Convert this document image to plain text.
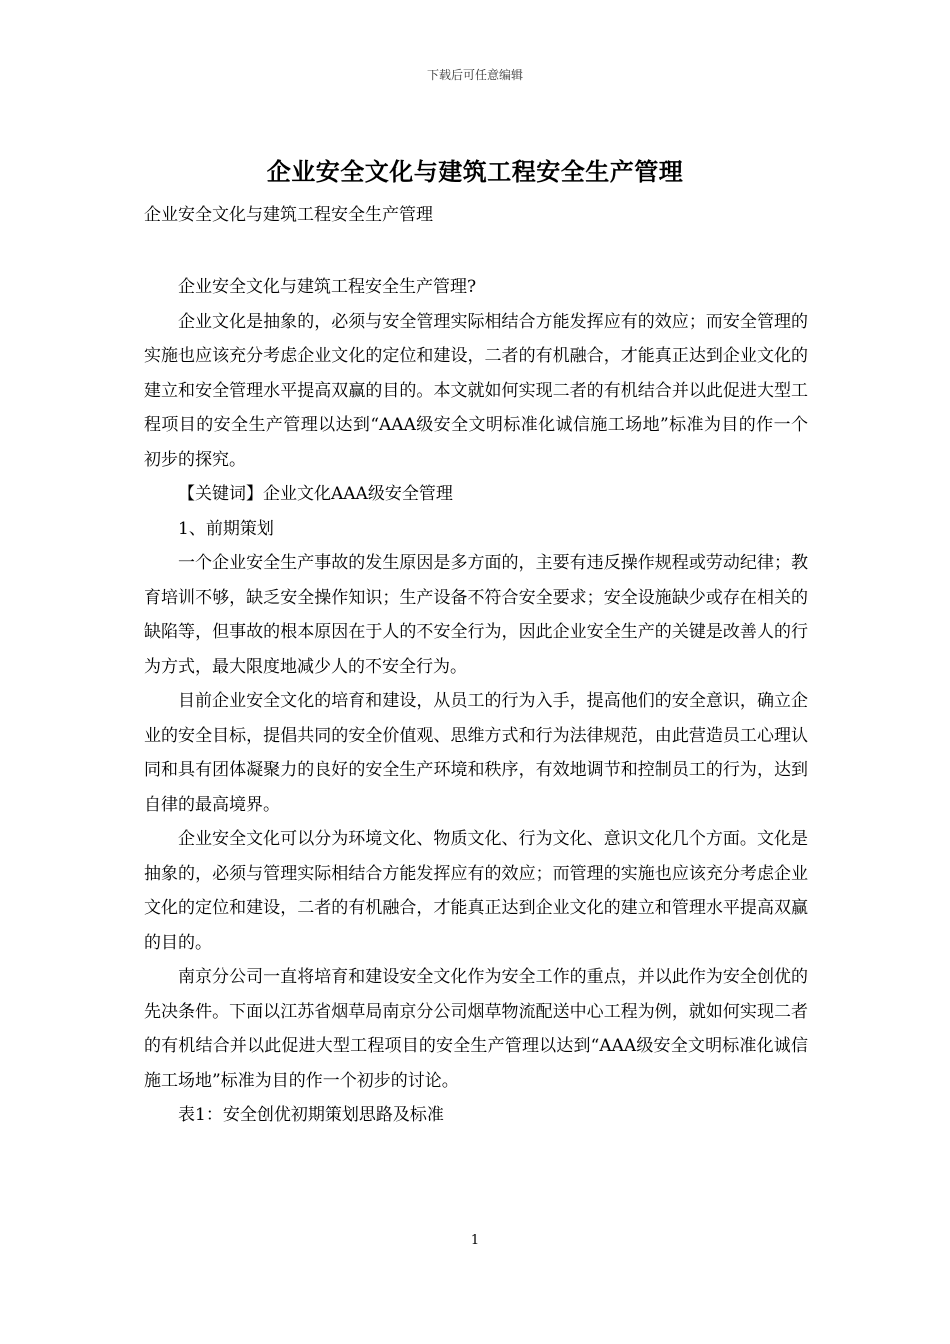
下载后可任意编辑
企业安全文化与建筑工程安全生产管理
企业安全文化与建筑工程安全生产管理

企业安全文化与建筑工程安全生产管理?

企业文化是抽象的，必须与安全管理实际相结合方能发挥应有的效应；而安全管理的实施也应该充分考虑企业文化的定位和建设，二者的有机融合，才能真正达到企业文化的建立和安全管理水平提高双赢的目的。本文就如何实现二者的有机结合并以此促进大型工程项目的安全生产管理以达到“AAA级安全文明标准化诚信施工场地”标准为目的作一个初步的探究。

【关键词】企业文化AAA级安全管理

1、前期策划

一个企业安全生产事故的发生原因是多方面的，主要有违反操作规程或劳动纪律；教育培训不够，缺乏安全操作知识；生产设备不符合安全要求；安全设施缺少或存在相关的缺陷等，但事故的根本原因在于人的不安全行为，因此企业安全生产的关键是改善人的行为方式，最大限度地减少人的不安全行为。

目前企业安全文化的培育和建设，从员工的行为入手，提高他们的安全意识，确立企业的安全目标，提倡共同的安全价值观、思维方式和行为法律规范，由此营造员工心理认同和具有团体凝聚力的良好的安全生产环境和秩序，有效地调节和控制员工的行为，达到自律的最高境界。

企业安全文化可以分为环境文化、物质文化、行为文化、意识文化几个方面。文化是抽象的，必须与管理实际相结合方能发挥应有的效应；而管理的实施也应该充分考虑企业文化的定位和建设，二者的有机融合，才能真正达到企业文化的建立和管理水平提高双赢的目的。

南京分公司一直将培育和建设安全文化作为安全工作的重点，并以此作为安全创优的先决条件。下面以江苏省烟草局南京分公司烟草物流配送中心工程为例，就如何实现二者的有机结合并以此促进大型工程项目的安全生产管理以达到“AAA级安全文明标准化诚信施工场地”标准为目的作一个初步的讨论。

表1：安全创优初期策划思路及标准

1
